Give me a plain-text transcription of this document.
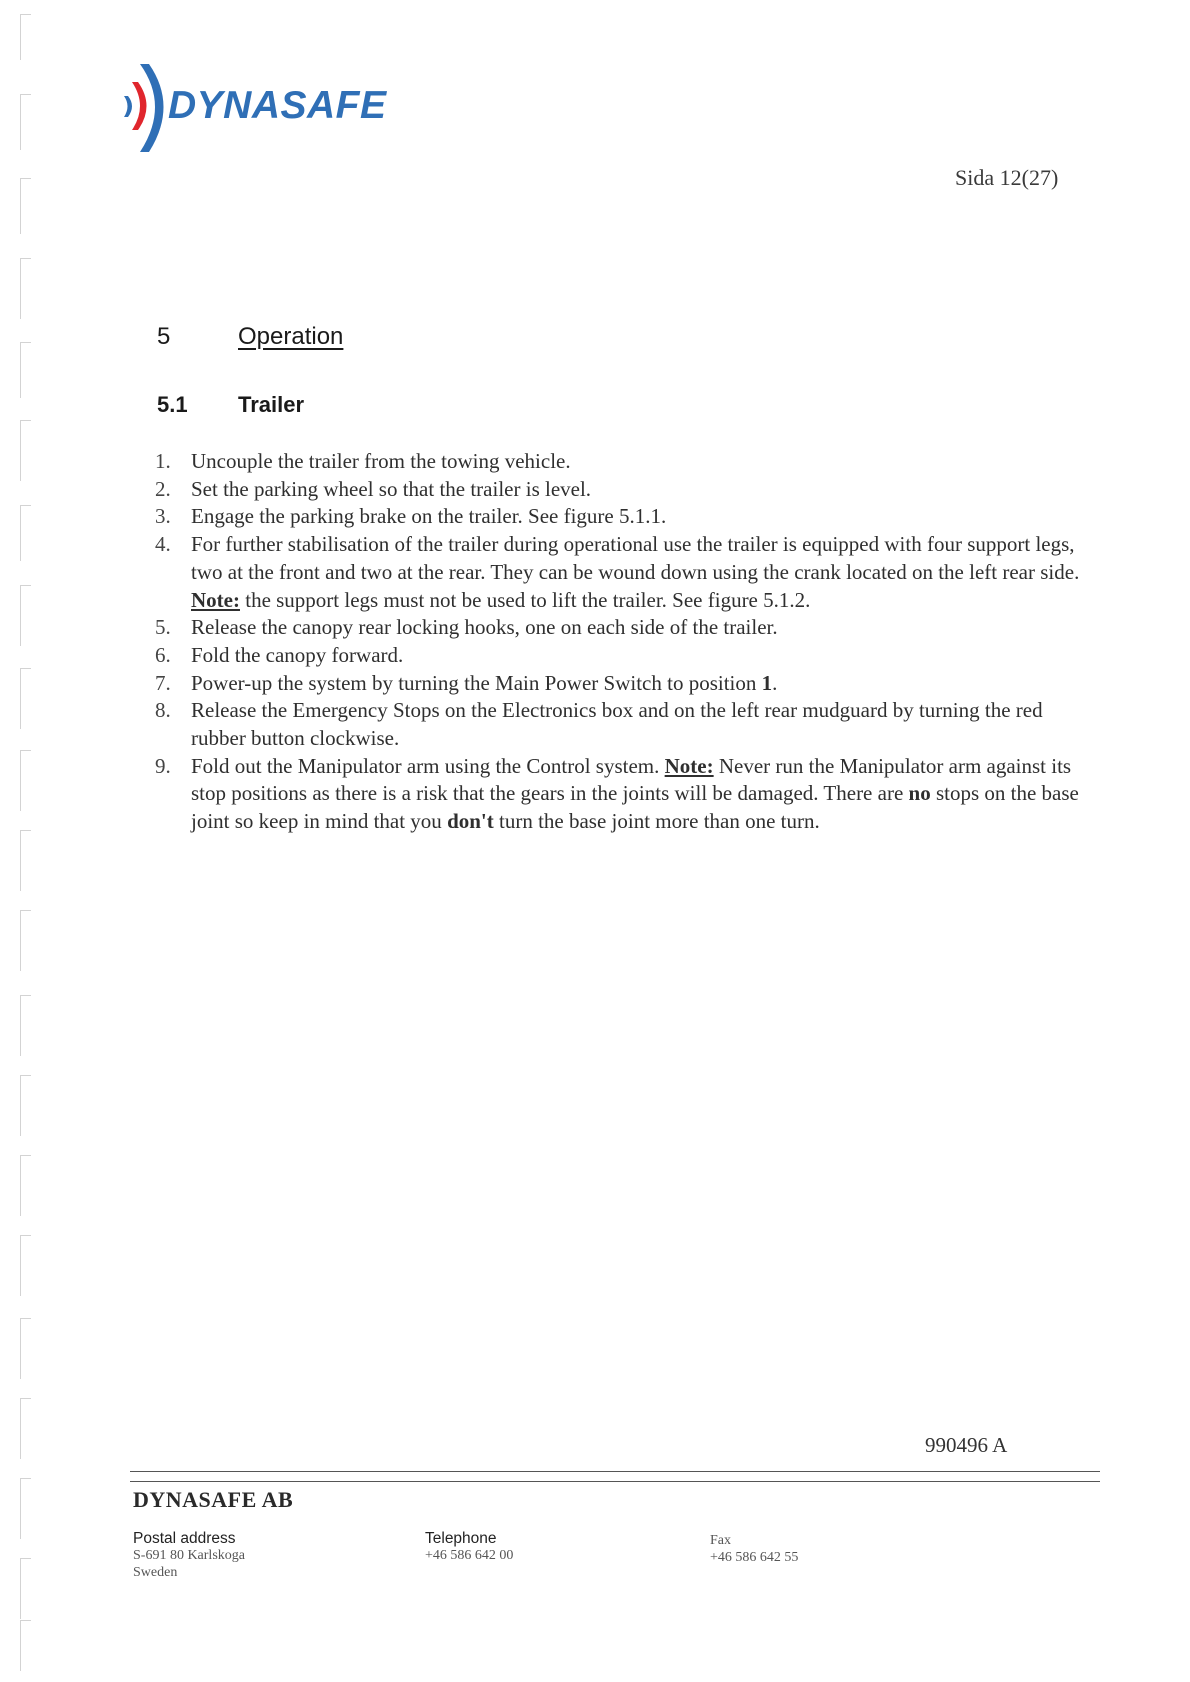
DYNASAFE
Sida 12(27)
5	Operation
5.1 Trailer
1. Uncouple the trailer from the towing vehicle.
2. Set the parking wheel so that the trailer is level.
3. Engage the parking brake on the trailer. See figure 5.1.1.
4. For further stabilisation of the trailer during operational use the trailer is equipped with four support legs, two at the front and two at the rear. They can be wound down using the crank located on the left rear side. Note: the support legs must not be used to lift the trailer. See figure 5.1.2.
5. Release the canopy rear locking hooks, one on each side of the trailer.
6. Fold the canopy forward.
7. Power-up the system by turning the Main Power Switch to position 1.
8. Release the Emergency Stops on the Electronics box and on the left rear mudguard by turning the red rubber button clockwise.
9. Fold out the Manipulator arm using the Control system. Note: Never run the Manipulator arm against its stop positions as there is a risk that the gears in the joints will be damaged. There are no stops on the base joint so keep in mind that you don't turn the base joint more than one turn.
990496 A
DYNASAFE AB
Postal address
S-691 80 Karlskoga
Sweden
Telephone
+46 586 642 00
Fax
+46 586 642 55
